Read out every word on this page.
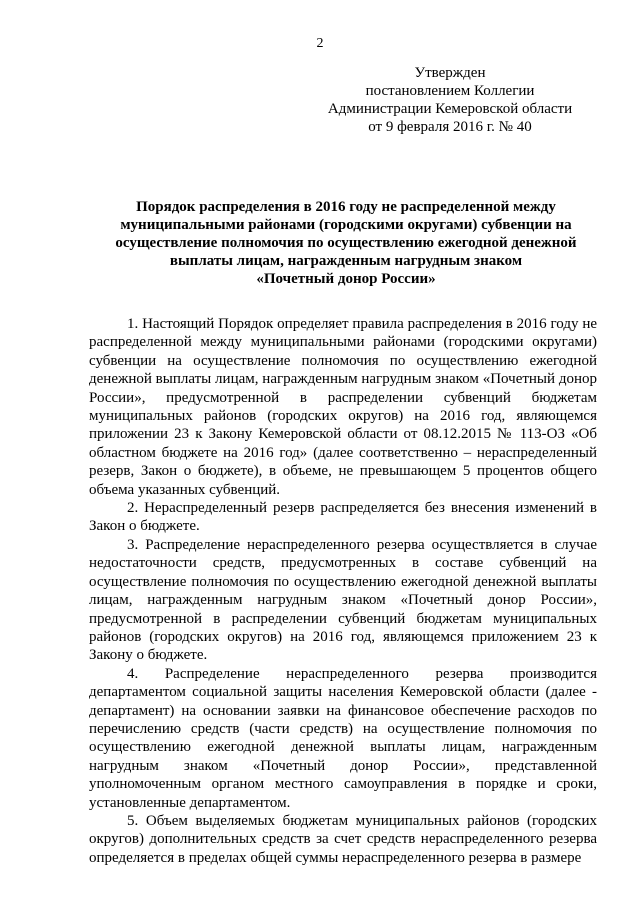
2
Утвержден
постановлением Коллегии
Администрации Кемеровской области
от 9 февраля 2016 г. № 40
Порядок распределения в 2016 году не распределенной между
муниципальными районами (городскими округами) субвенции на
осуществление полномочия по осуществлению ежегодной денежной
выплаты лицам, награжденным нагрудным знаком
«Почетный донор России»

1. Настоящий Порядок определяет правила распределения в 2016 году не распределенной между муниципальными районами (городскими округами) субвенции на осуществление полномочия по осуществлению ежегодной денежной выплаты лицам, награжденным нагрудным знаком «Почетный донор России», предусмотренной в распределении субвенций бюджетам муниципальных районов (городских округов) на 2016 год, являющемся приложении 23 к Закону Кемеровской области от 08.12.2015 № 113-ОЗ «Об областном бюджете на 2016 год» (далее соответственно – нераспределенный резерв, Закон о бюджете), в объеме, не превышающем 5 процентов общего объема указанных субвенций.

2. Нераспределенный резерв распределяется без внесения изменений в Закон о бюджете.

3. Распределение нераспределенного резерва осуществляется в случае недостаточности средств, предусмотренных в составе субвенций на осуществление полномочия по осуществлению ежегодной денежной выплаты лицам, награжденным нагрудным знаком «Почетный донор России», предусмотренной в распределении субвенций бюджетам муниципальных районов (городских округов) на 2016 год, являющемся приложением 23 к Закону о бюджете.

4. Распределение нераспределенного резерва производится департаментом социальной защиты населения Кемеровской области (далее - департамент) на основании заявки на финансовое обеспечение расходов по перечислению средств (части средств) на осуществление полномочия по осуществлению ежегодной денежной выплаты лицам, награжденным нагрудным знаком «Почетный донор России», представленной уполномоченным органом местного самоуправления в порядке и сроки, установленные департаментом.

5. Объем выделяемых бюджетам муниципальных районов (городских округов) дополнительных средств за счет средств нераспределенного резерва определяется в пределах общей суммы нераспределенного резерва в размере
